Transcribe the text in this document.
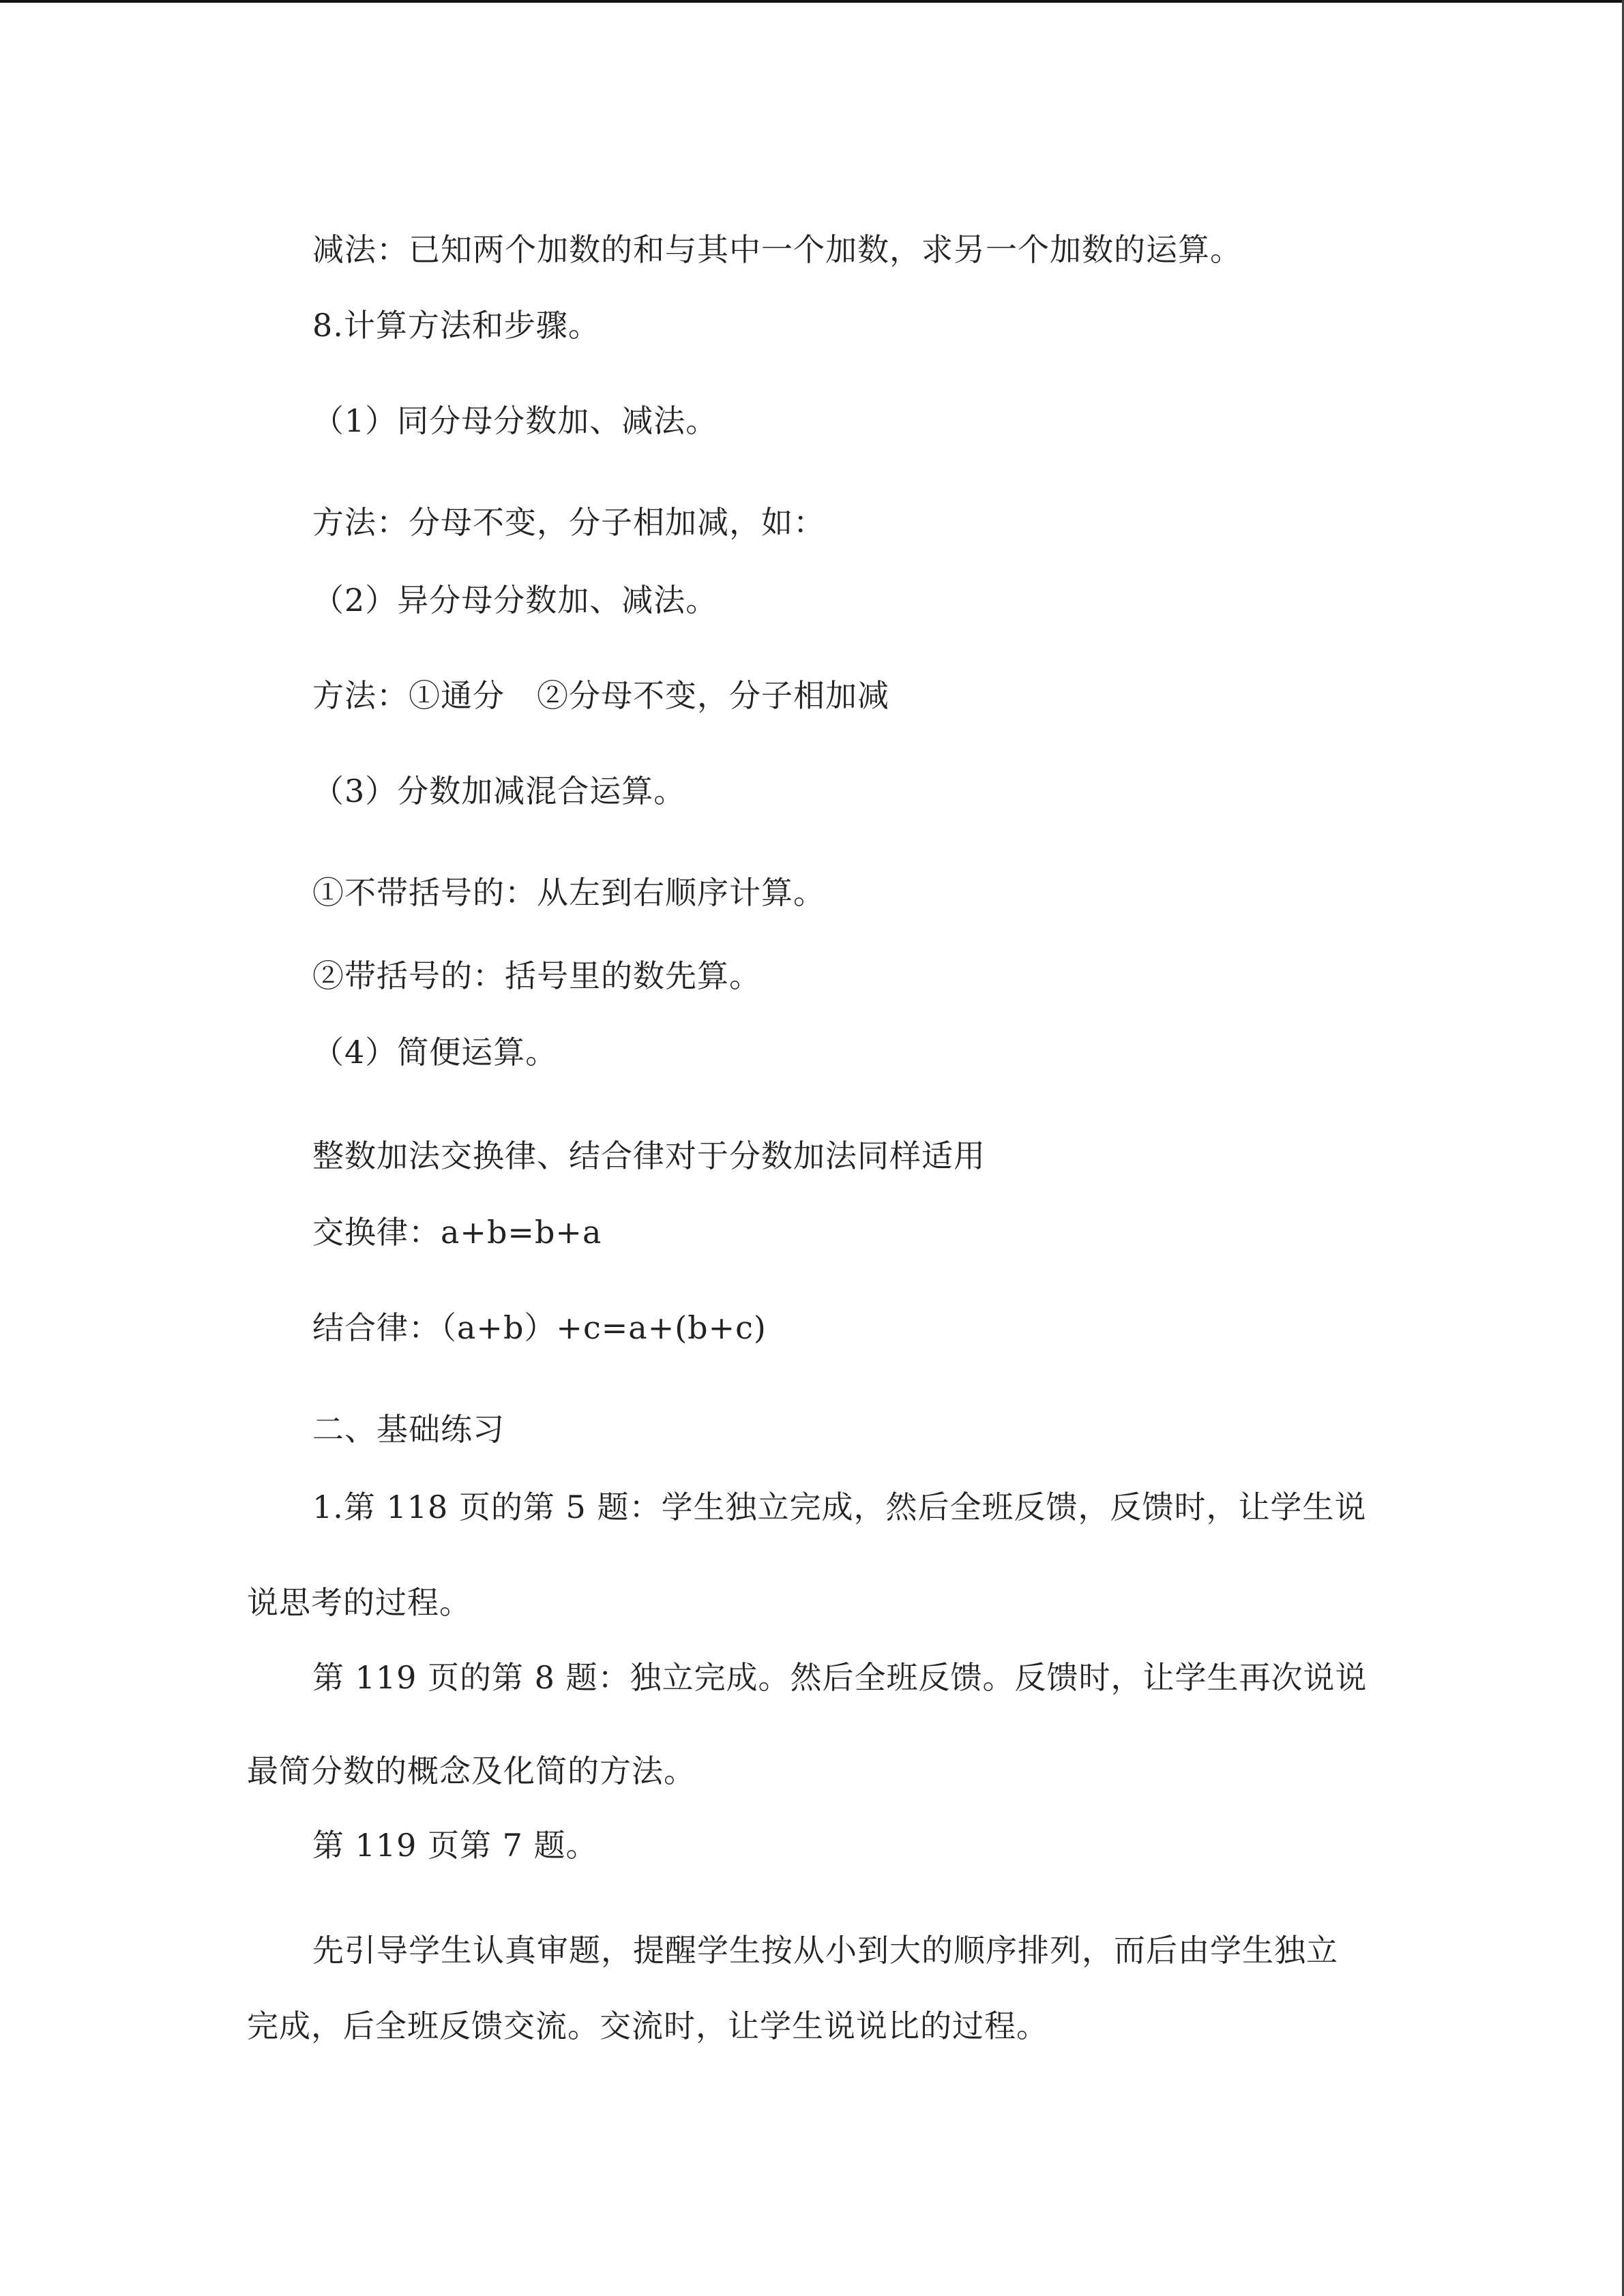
减法：已知两个加数的和与其中一个加数，求另一个加数的运算。
8.计算方法和步骤。
（1）同分母分数加、减法。
方法：分母不变，分子相加减，如：
（2）异分母分数加、减法。
方法：①通分　②分母不变，分子相加减
（3）分数加减混合运算。
①不带括号的：从左到右顺序计算。
②带括号的：括号里的数先算。
（4）简便运算。
整数加法交换律、结合律对于分数加法同样适用
交换律：a+b=b+a
结合律：（a+b）+c=a+(b+c)
二、基础练习
1.第 118 页的第 5 题：学生独立完成，然后全班反馈，反馈时，让学生说
说思考的过程。
第 119 页的第 8 题：独立完成。然后全班反馈。反馈时，让学生再次说说
最简分数的概念及化简的方法。
第 119 页第 7 题。
先引导学生认真审题，提醒学生按从小到大的顺序排列，而后由学生独立
完成，后全班反馈交流。交流时，让学生说说比的过程。
